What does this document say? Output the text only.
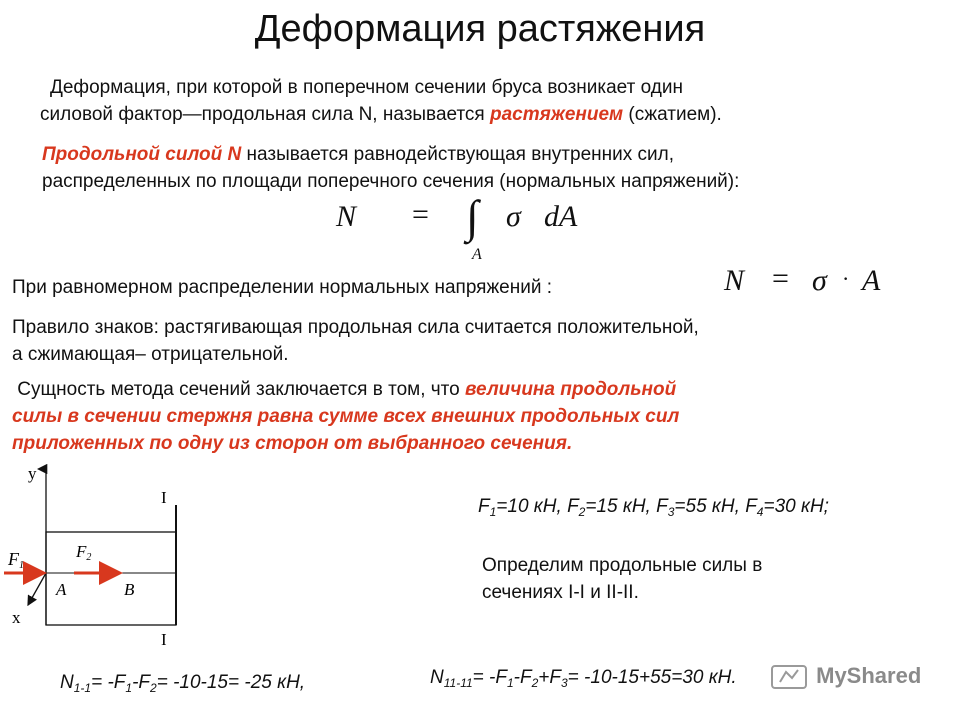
Деформация растяжения

Деформация, при которой в поперечном сечении бруса возникает один

силовой фактор—продольная сила N, называется растяжением (сжатием).

Продольной силой N называется равнодействующая внутренних сил,

распределенных по площади поперечного сечения (нормальных напряжений):

N = ∫
A
σ dA

При равномерном распределении нормальных напряжений :	N = σ · A

Правило знаков: растягивающая продольная сила считается положительной,

а сжимающая– отрицательной.

Сущность метода сечений заключается в том, что величина продольной

силы в сечении стержня равна сумме всех внешних продольных сил

приложенных по одну из сторон от выбранного сечения.

y
x
I
I
F1
F2
A	B
$F_1=10$ кН, $F_2=15$ кН, $F_3=55$ кН, $F_4=30$ кН;

Определим продольные силы в

сечениях I-I и II-II.

$N_{1-1}= -F_1-F_2= -10-15= -25$ кН,	$N_{11-11}= -F_1-F_2+F_3= -10-15+55=30$ кН.	MyShared
